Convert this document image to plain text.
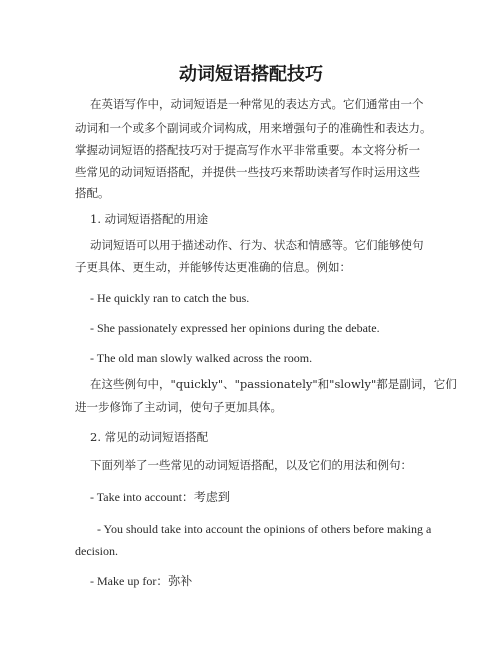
动词短语搭配技巧
在英语写作中，动词短语是一种常见的表达方式。它们通常由一个
动词和一个或多个副词或介词构成，用来增强句子的准确性和表达力。
掌握动词短语的搭配技巧对于提高写作水平非常重要。本文将分析一
些常见的动词短语搭配，并提供一些技巧来帮助读者写作时运用这些
搭配。
1. 动词短语搭配的用途
动词短语可以用于描述动作、行为、状态和情感等。它们能够使句
子更具体、更生动，并能够传达更准确的信息。例如：
- He quickly ran to catch the bus.
- She passionately expressed her opinions during the debate.
- The old man slowly walked across the room.
在这些例句中，"quickly"、"passionately"和"slowly"都是副词，它们
进一步修饰了主动词，使句子更加具体。
2. 常见的动词短语搭配
下面列举了一些常见的动词短语搭配，以及它们的用法和例句：
- Take into account：考虑到
- You should take into account the opinions of others before making a
decision.
- Make up for：弥补
